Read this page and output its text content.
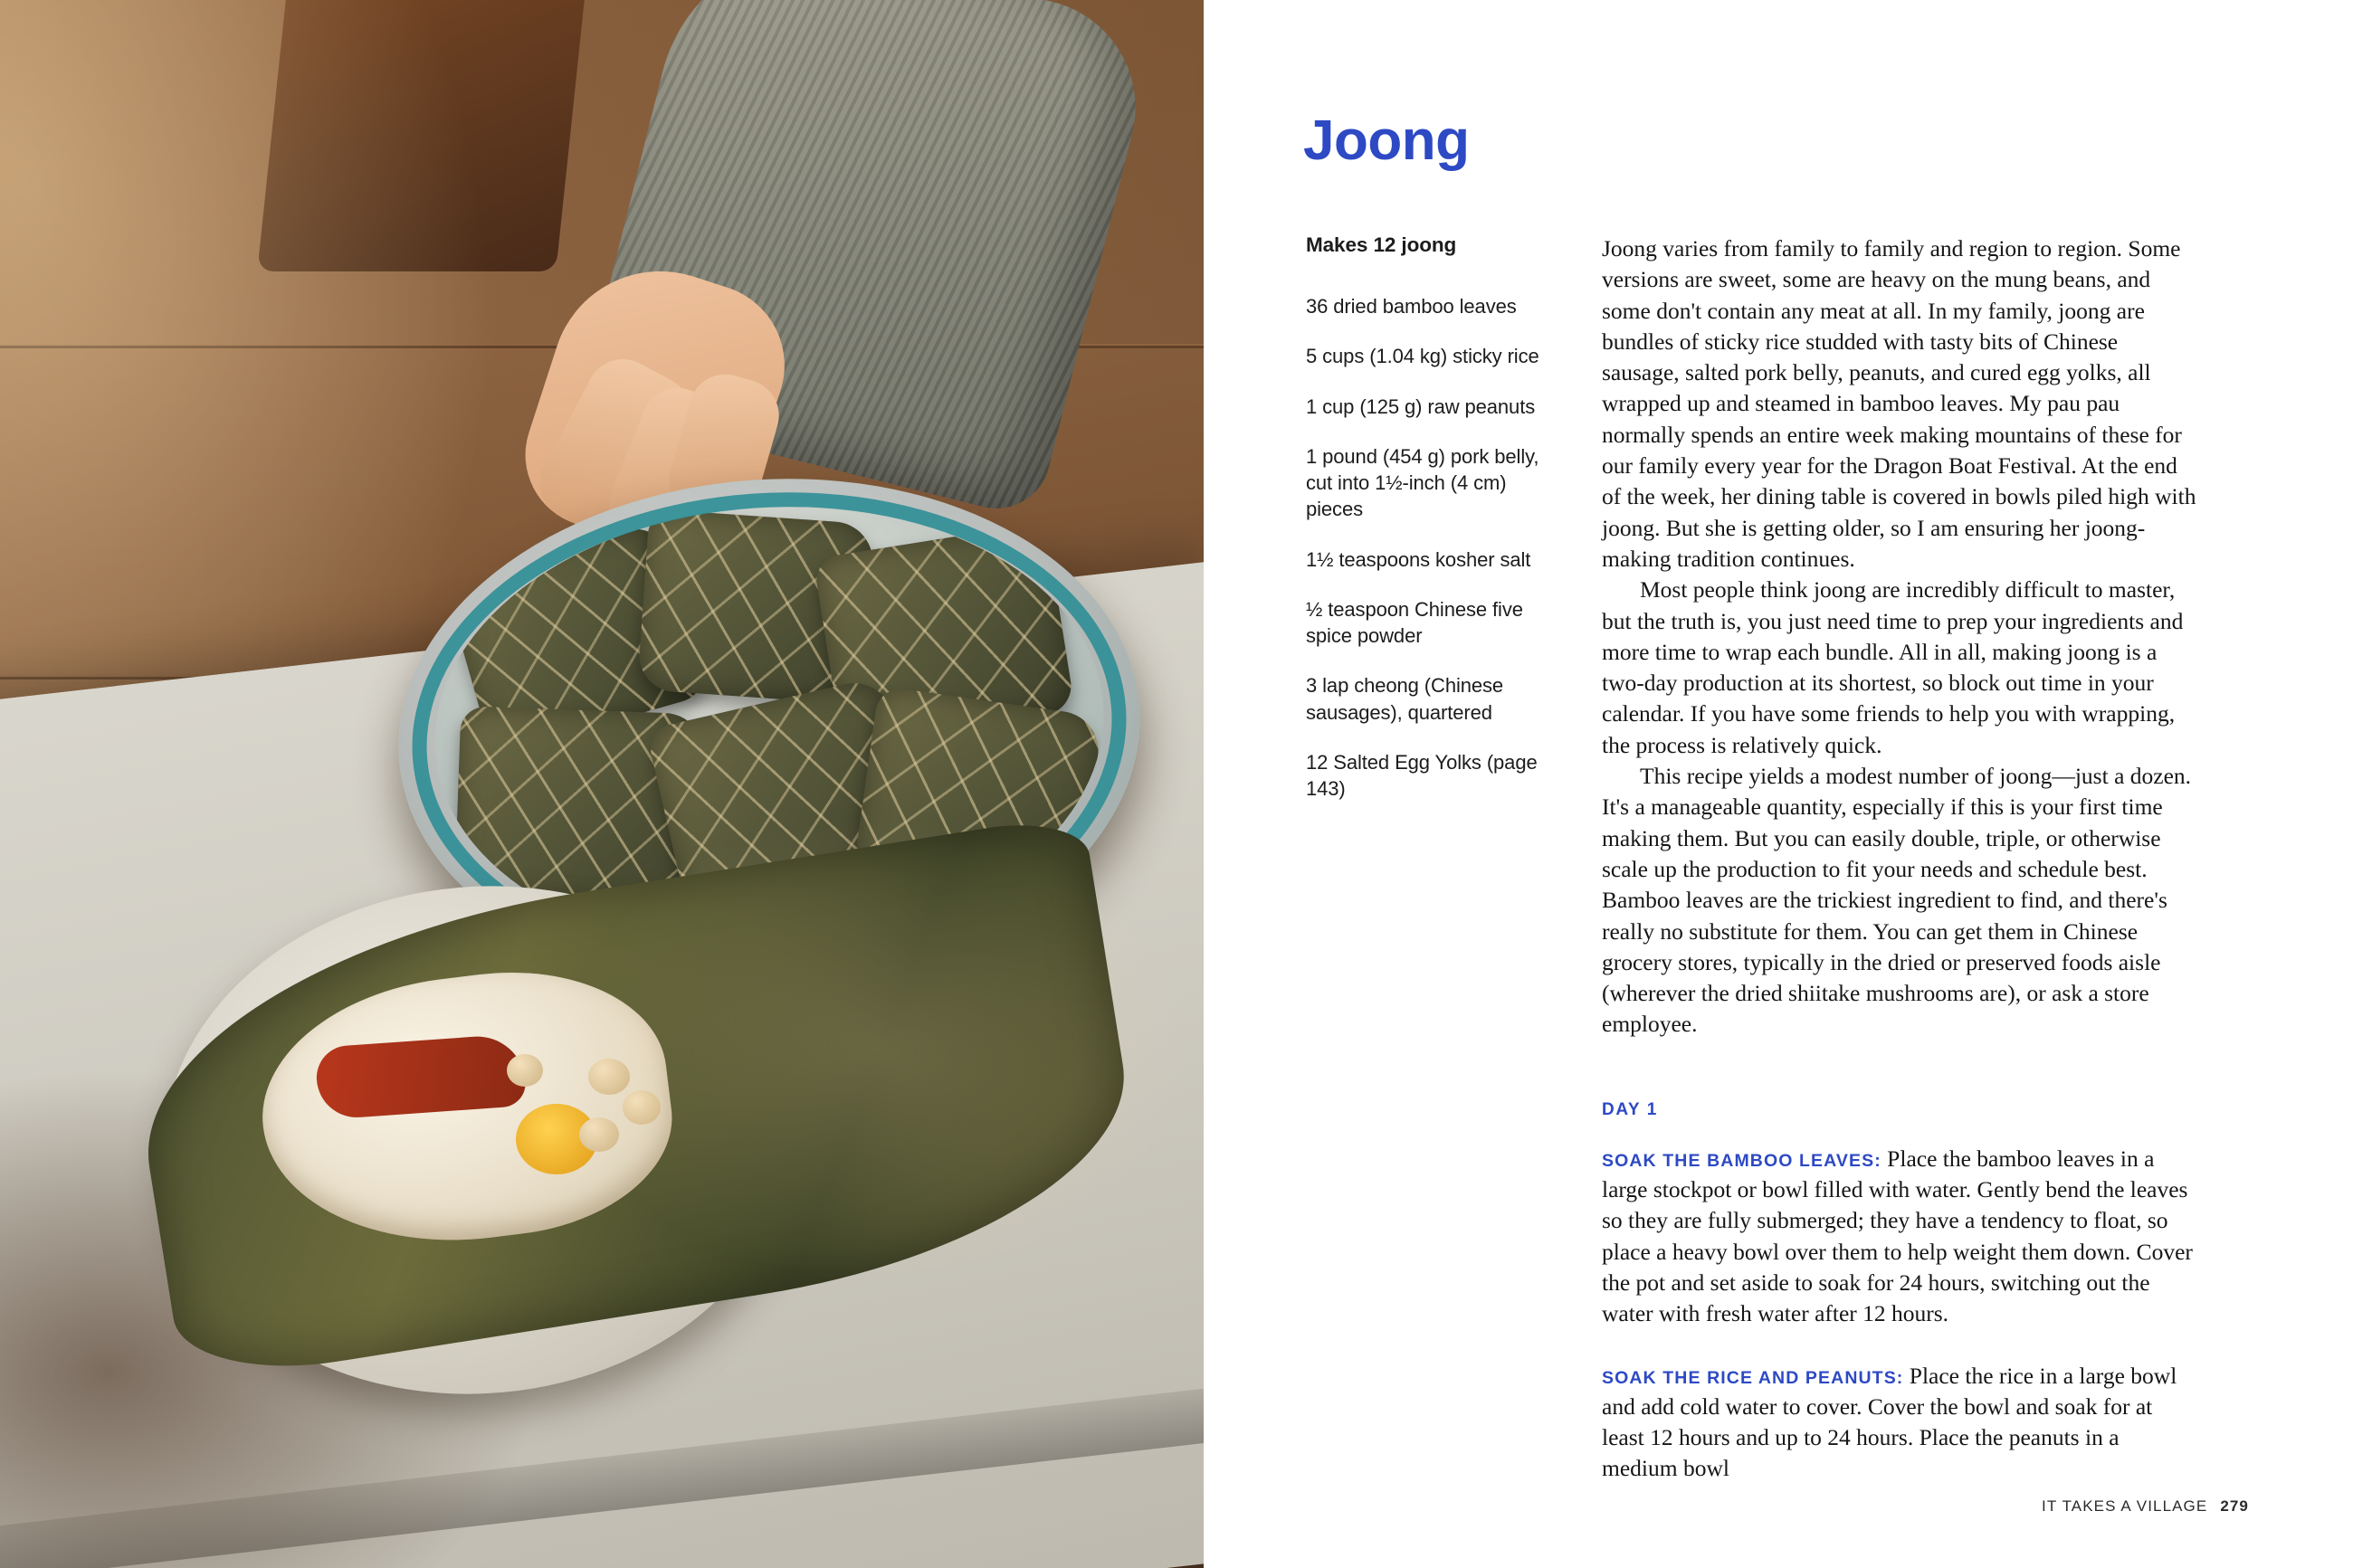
Joong

Makes 12 joong

36 dried bamboo leaves

5 cups (1.04 kg) sticky rice

1 cup (125 g) raw peanuts

1 pound (454 g) pork belly, cut into 1½-inch (4 cm) pieces

1½ teaspoons kosher salt

½ teaspoon Chinese five spice powder

3 lap cheong (Chinese sausages), quartered

12 Salted Egg Yolks (page 143)

Joong varies from family to family and region to region. Some versions are sweet, some are heavy on the mung beans, and some don't contain any meat at all. In my family, joong are bundles of sticky rice studded with tasty bits of Chinese sausage, salted pork belly, peanuts, and cured egg yolks, all wrapped up and steamed in bamboo leaves. My pau pau normally spends an entire week making mountains of these for our family every year for the Dragon Boat Festival. At the end of the week, her dining table is covered in bowls piled high with joong. But she is getting older, so I am ensuring her joong-making tradition continues.

Most people think joong are incredibly difficult to master, but the truth is, you just need time to prep your ingredients and more time to wrap each bundle. All in all, making joong is a two-day production at its shortest, so block out time in your calendar. If you have some friends to help you with wrapping, the process is relatively quick.

This recipe yields a modest number of joong—just a dozen. It's a manageable quantity, especially if this is your first time making them. But you can easily double, triple, or otherwise scale up the production to fit your needs and schedule best. Bamboo leaves are the trickiest ingredient to find, and there's really no substitute for them. You can get them in Chinese grocery stores, typically in the dried or preserved foods aisle (wherever the dried shiitake mushrooms are), or ask a store employee.

DAY 1

SOAK THE BAMBOO LEAVES: Place the bamboo leaves in a large stockpot or bowl filled with water. Gently bend the leaves so they are fully submerged; they have a tendency to float, so place a heavy bowl over them to help weight them down. Cover the pot and set aside to soak for 24 hours, switching out the water with fresh water after 12 hours.

SOAK THE RICE AND PEANUTS: Place the rice in a large bowl and add cold water to cover. Cover the bowl and soak for at least 12 hours and up to 24 hours. Place the peanuts in a medium bowl

IT TAKES A VILLAGE 279
